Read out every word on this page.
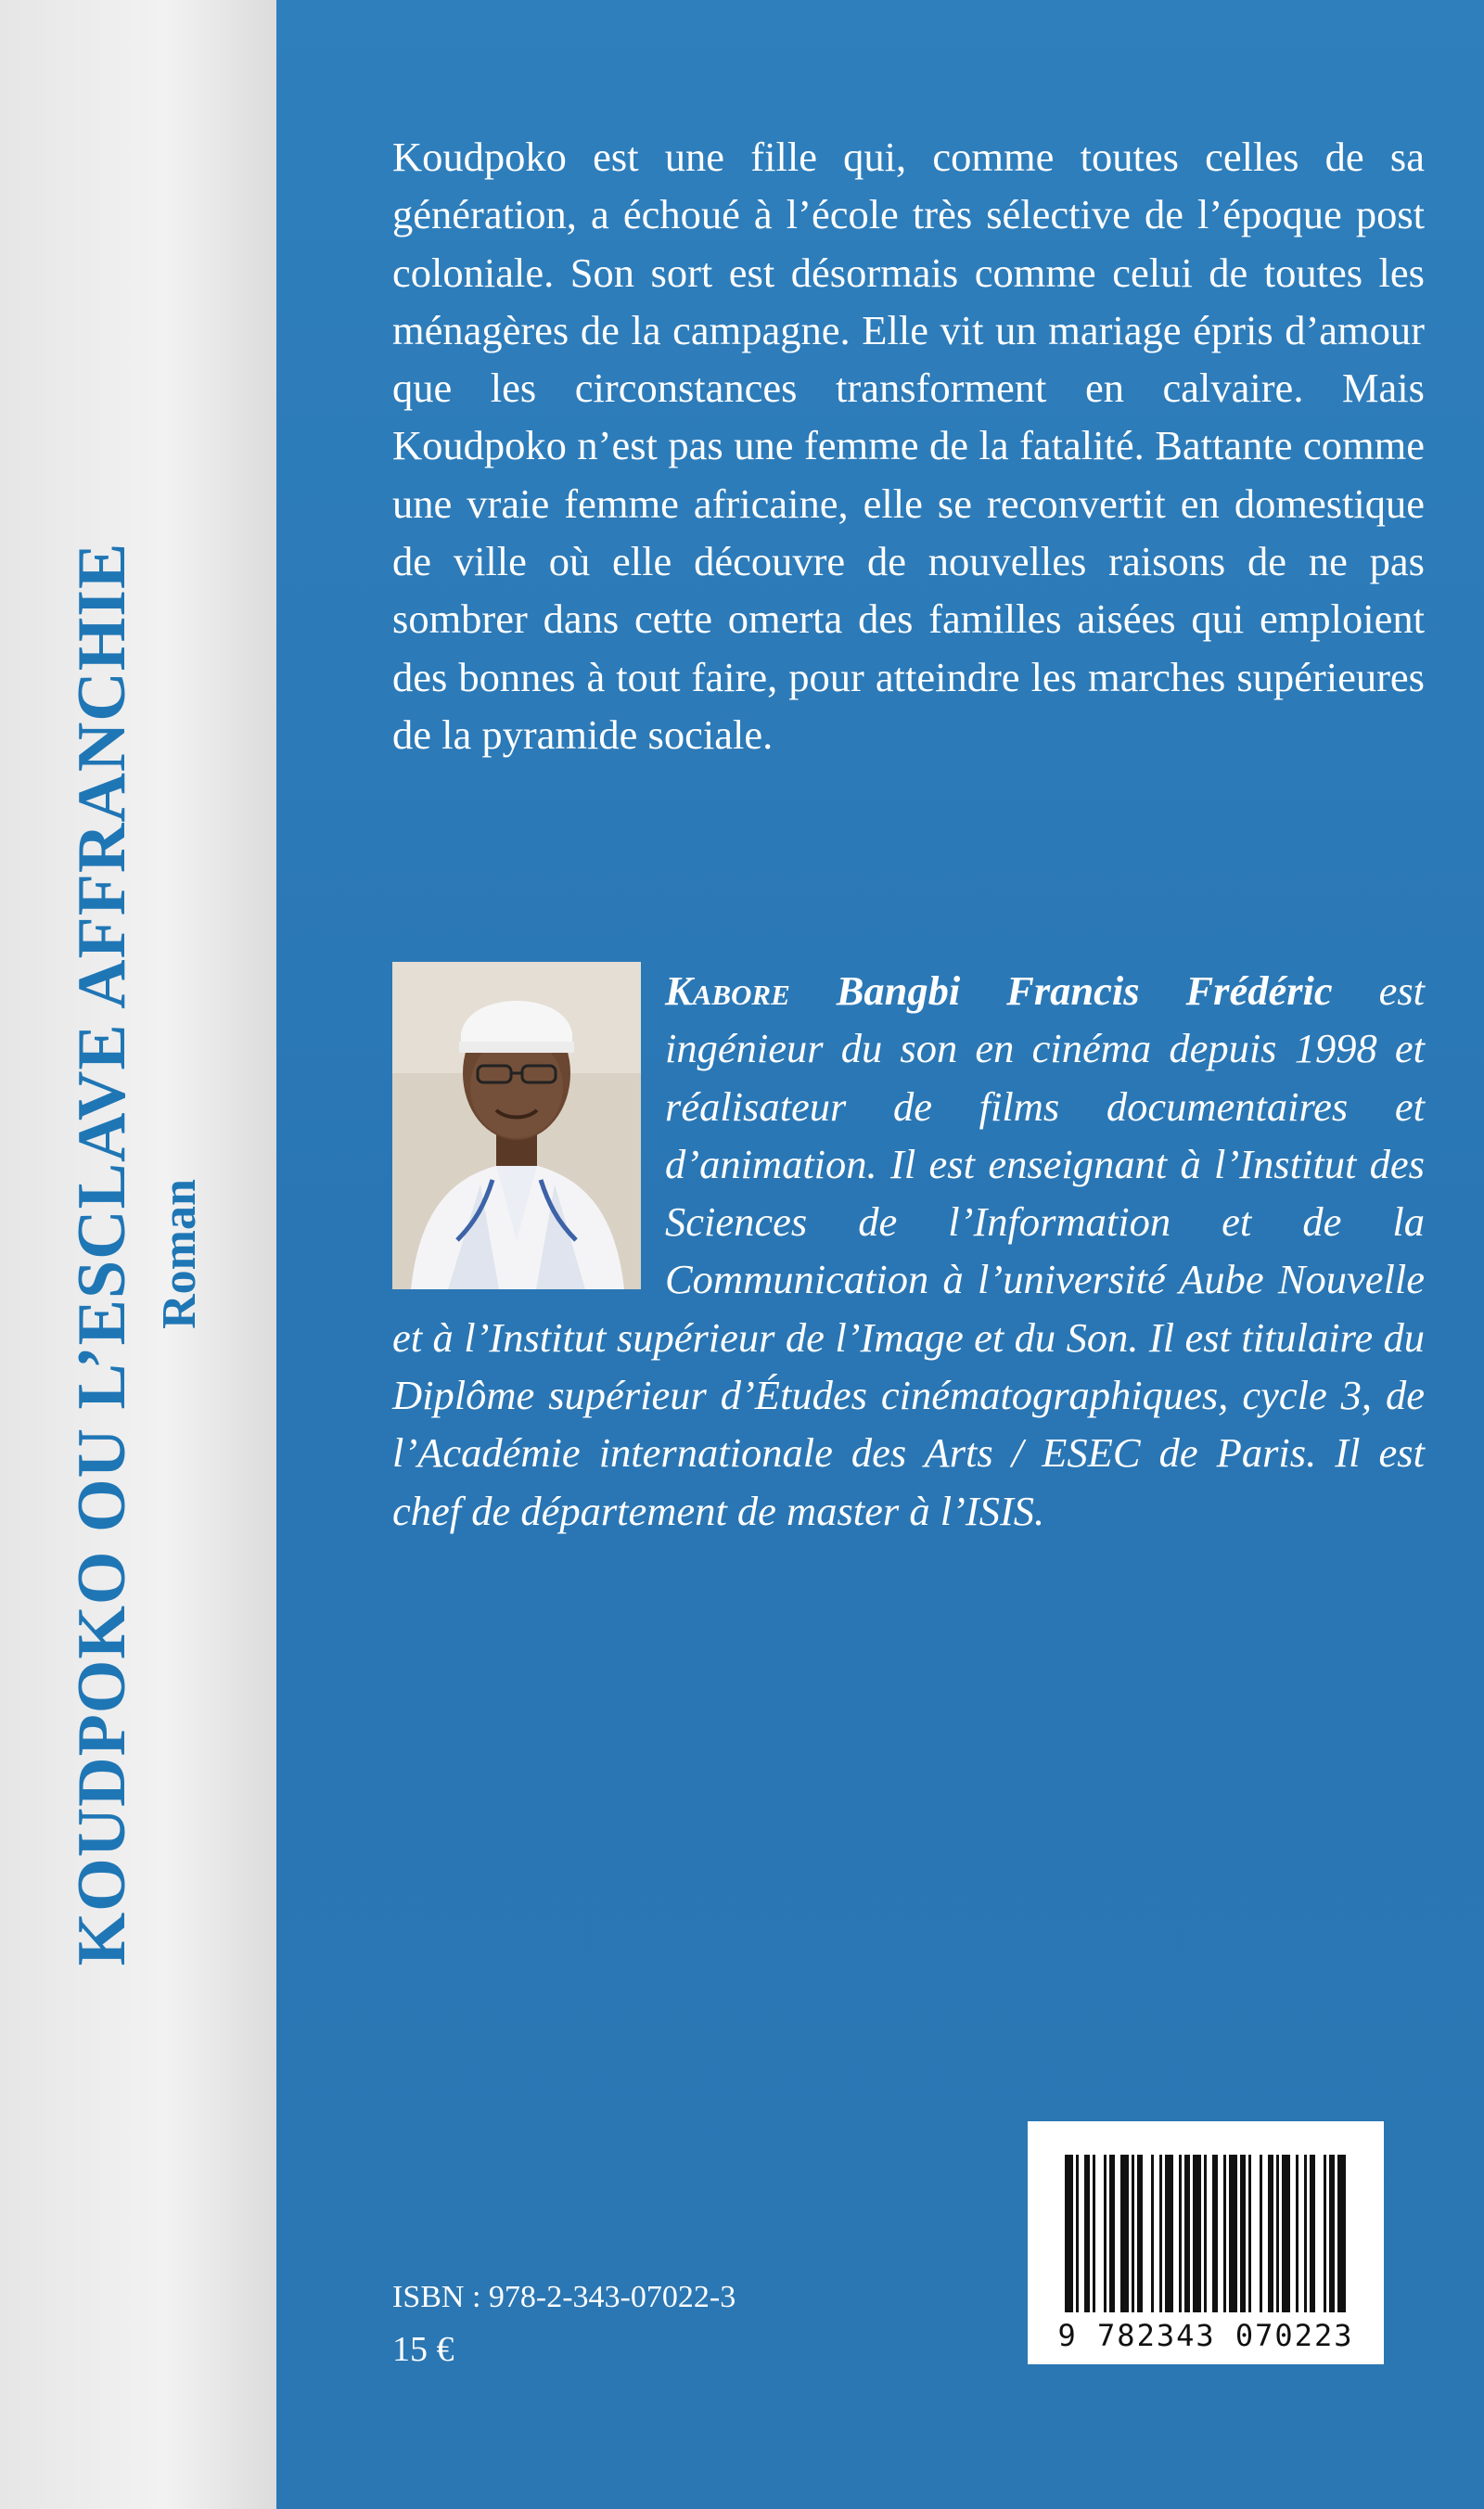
KOUDPOKO OU L’ESCLAVE AFFRANCHIE Roman

Koudpoko est une fille qui, comme toutes celles de sa génération, a échoué à l’école très sélective de l’époque post coloniale. Son sort est désormais comme celui de toutes les ménagères de la campagne. Elle vit un mariage épris d’amour que les circonstances transforment en calvaire. Mais Koudpoko n’est pas une femme de la fatalité. Battante comme une vraie femme africaine, elle se reconvertit en domestique de ville où elle découvre de nouvelles raisons de ne pas sombrer dans cette omerta des familles aisées qui emploient des bonnes à tout faire, pour atteindre les marches supérieures de la pyramide sociale.

Kabore Bangbi Francis Frédéric est ingénieur du son en cinéma depuis 1998 et réalisateur de films documentaires et d’animation. Il est enseignant à l’Institut des Sciences de l’Information et de la Communication à l’université Aube Nouvelle et à l’Institut supérieur de l’Image et du Son. Il est titulaire du Diplôme supérieur d’Études cinématographiques, cycle 3, de l’Académie internationale des Arts / ESEC de Paris. Il est chef de département de master à l’ISIS.

ISBN : 978-2-343-07022-3
15 €	9 782343 070223
